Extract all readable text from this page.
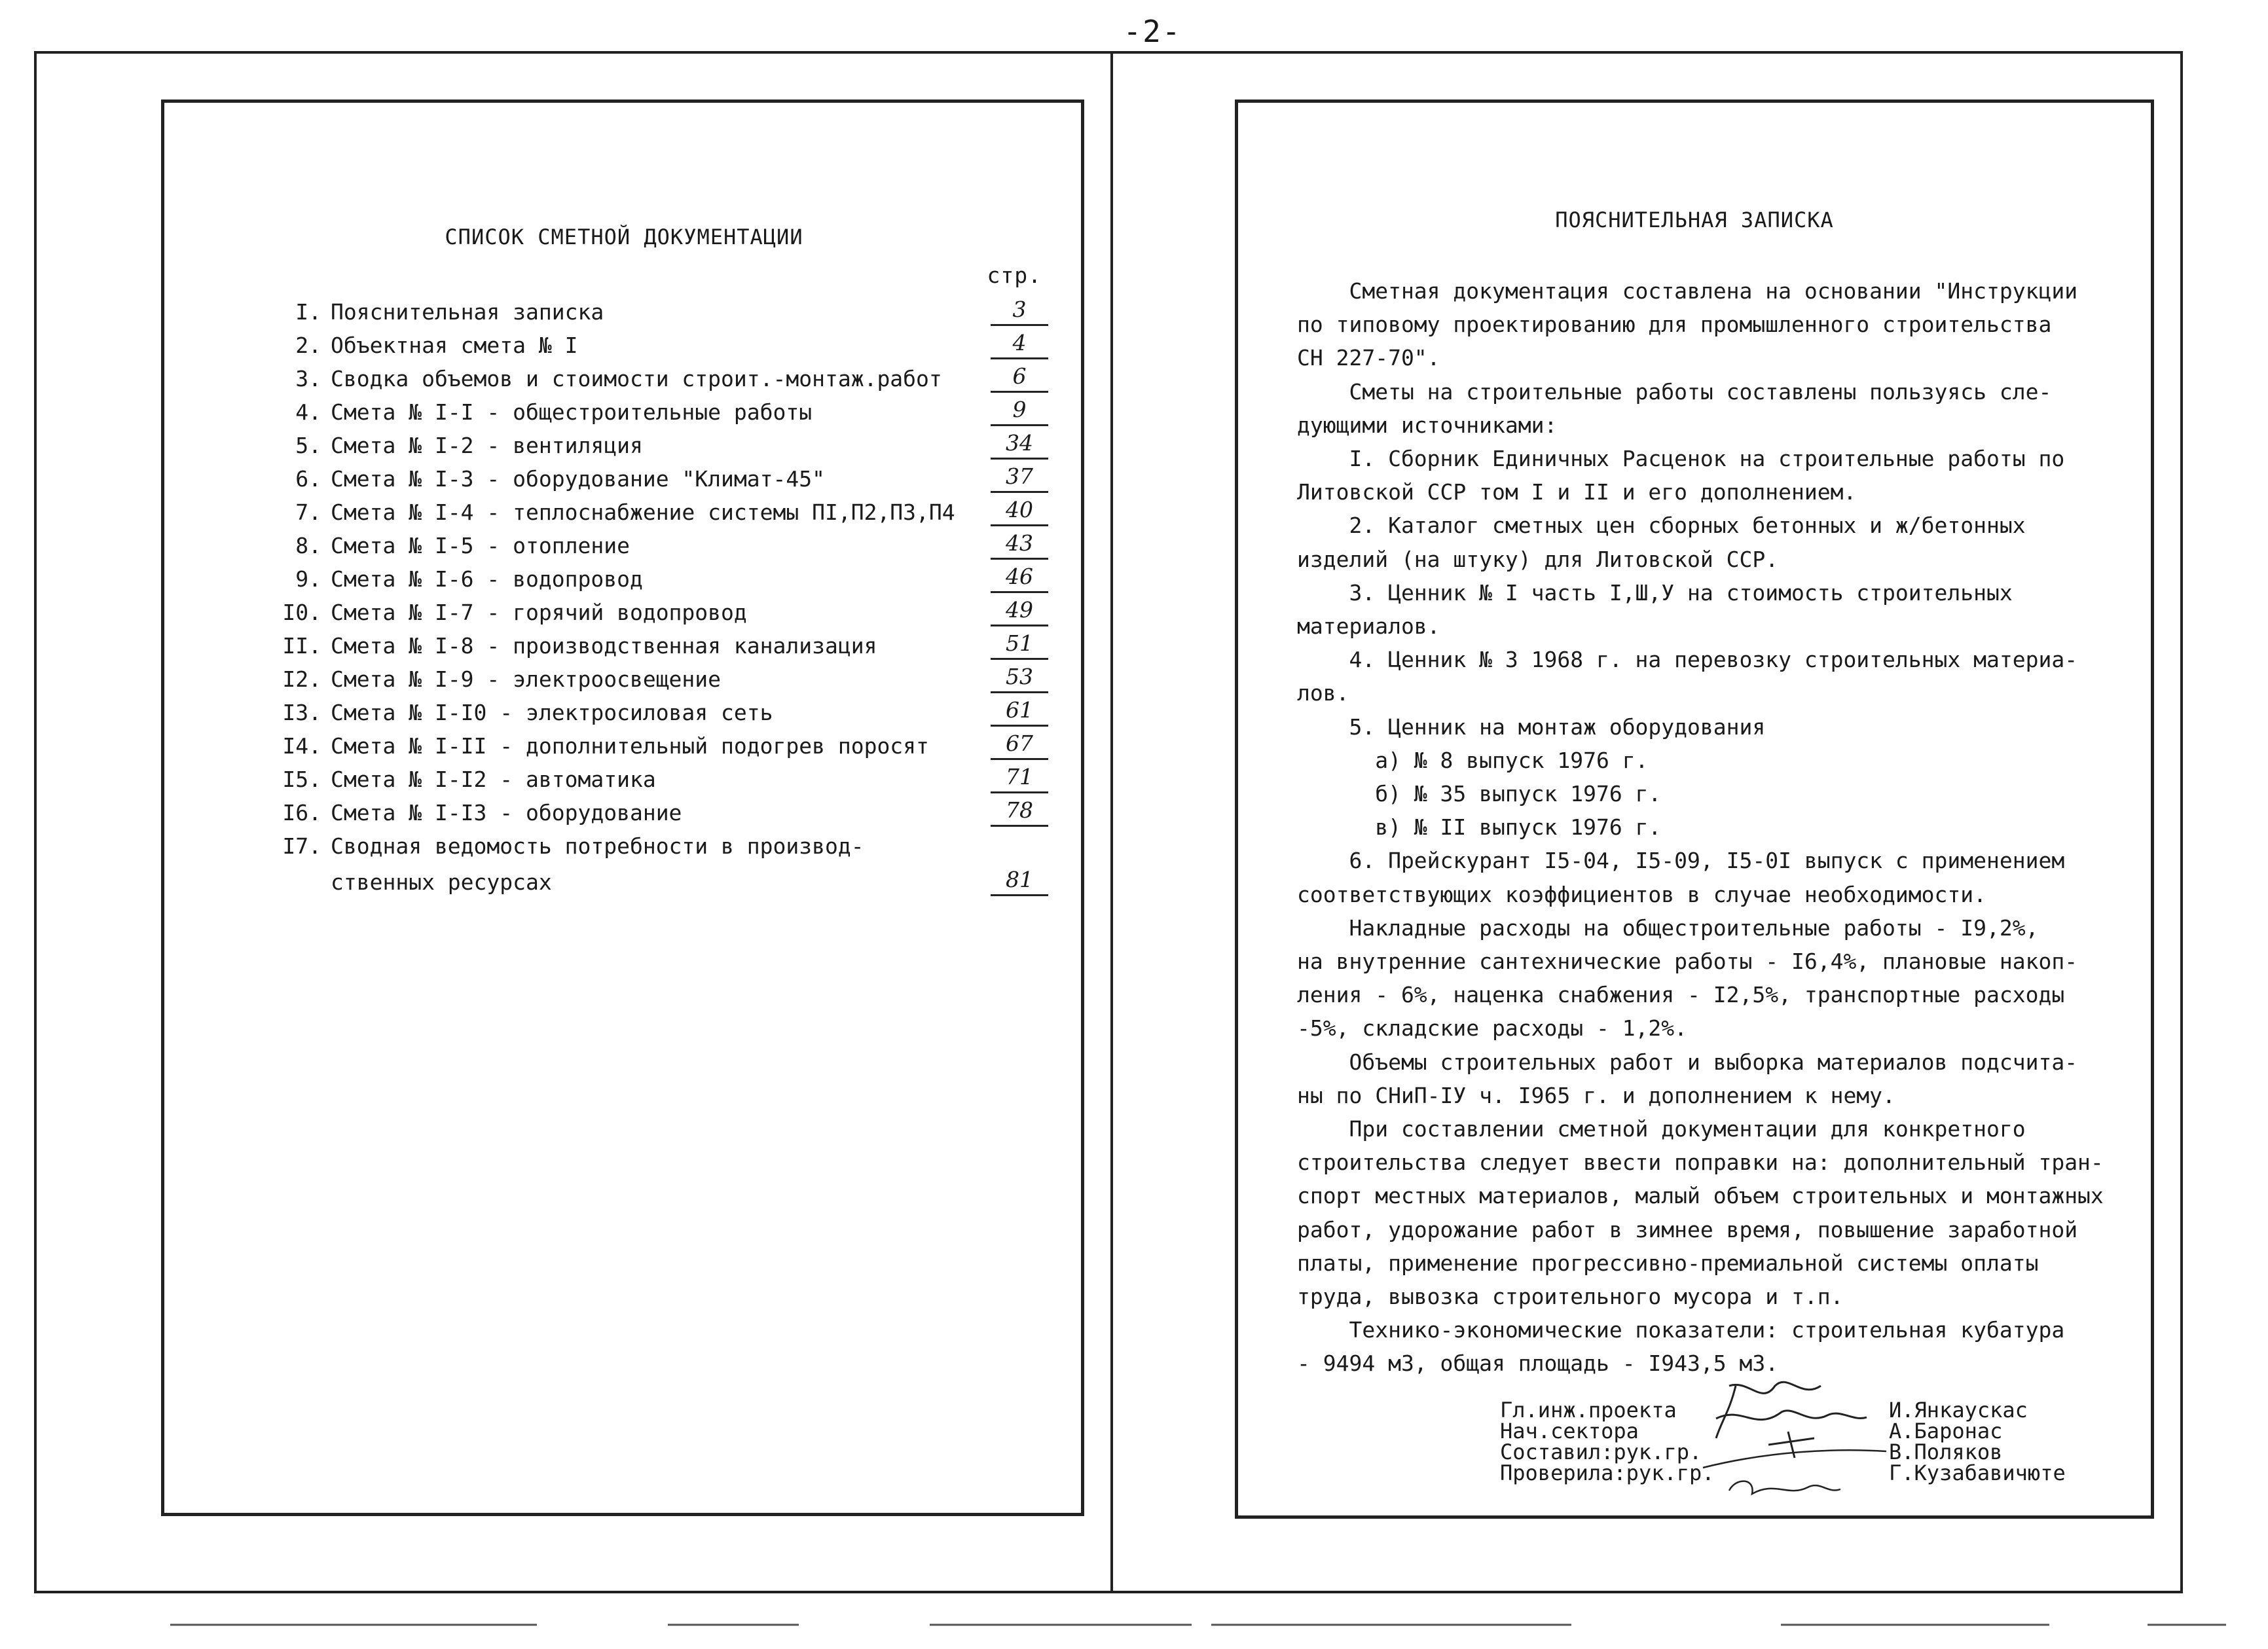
-2-
СПИСОК СМЕТНОЙ ДОКУМЕНТАЦИИ
стр.
I. Пояснительная записка	3
2. Объектная смета № I	4
3. Сводка объемов и стоимости строит.-монтаж.работ	6
4. Смета № I-I - общестроительные работы	9
5. Смета № I-2 - вентиляция	34
6. Смета № I-3 - оборудование "Климат-45"	37
7. Смета № I-4 - теплоснабжение системы ПI,П2,П3,П4	40
8. Смета № I-5 - отопление	43
9. Смета № I-6 - водопровод	46
I0. Смета № I-7 - горячий водопровод	49
II. Смета № I-8 - производственная канализация	51
I2. Смета № I-9 - электроосвещение	53
I3. Смета № I-I0 - электросиловая сеть	61
I4. Смета № I-II - дополнительный подогрев поросят	67
I5. Смета № I-I2 - автоматика	71
I6. Смета № I-I3 - оборудование	78
I7. Сводная ведомость потребности в производ-
ственных ресурсах	81
ПОЯСНИТЕЛЬНАЯ ЗАПИСКА
Сметная документация составлена на основании "Инструкции
по типовому проектированию для промышленного строительства
СН 227-70".
Сметы на строительные работы составлены пользуясь сле-
дующими источниками:
I. Сборник Единичных Расценок на строительные работы по
Литовской ССР том I и II и его дополнением.
2. Каталог сметных цен сборных бетонных и ж/бетонных
изделий (на штуку) для Литовской ССР.
3. Ценник № I часть I,Ш,У на стоимость строительных
материалов.
4. Ценник № 3 1968 г. на перевозку строительных материа-
лов.
5. Ценник на монтаж оборудования
а) № 8 выпуск 1976 г.
б) № 35 выпуск 1976 г.
в) № II выпуск 1976 г.
6. Прейскурант I5-04, I5-09, I5-0I выпуск с применением
соответствующих коэффициентов в случае необходимости.
Накладные расходы на общестроительные работы - I9,2%,
на внутренние сантехнические работы - I6,4%, плановые накоп-
ления - 6%, наценка снабжения - I2,5%, транспортные расходы
-5%, складские расходы - 1,2%.
Объемы строительных работ и выборка материалов подсчита-
ны по СНиП-IУ ч. I965 г. и дополнением к нему.
При составлении сметной документации для конкретного
строительства следует ввести поправки на: дополнительный тран-
спорт местных материалов, малый объем строительных и монтажных
работ, удорожание работ в зимнее время, повышение заработной
платы, применение прогрессивно-премиальной системы оплаты
труда, вывозка строительного мусора и т.п.
Технико-экономические показатели: строительная кубатура
- 9494 м3, общая площадь - I943,5 м3.
Гл.инж.проекта	И.Янкаускас
Нач.сектора	А.Баронас
Составил:рук.гр.	В.Поляков
Проверила:рук.гр.	Г.Кузабавичюте
